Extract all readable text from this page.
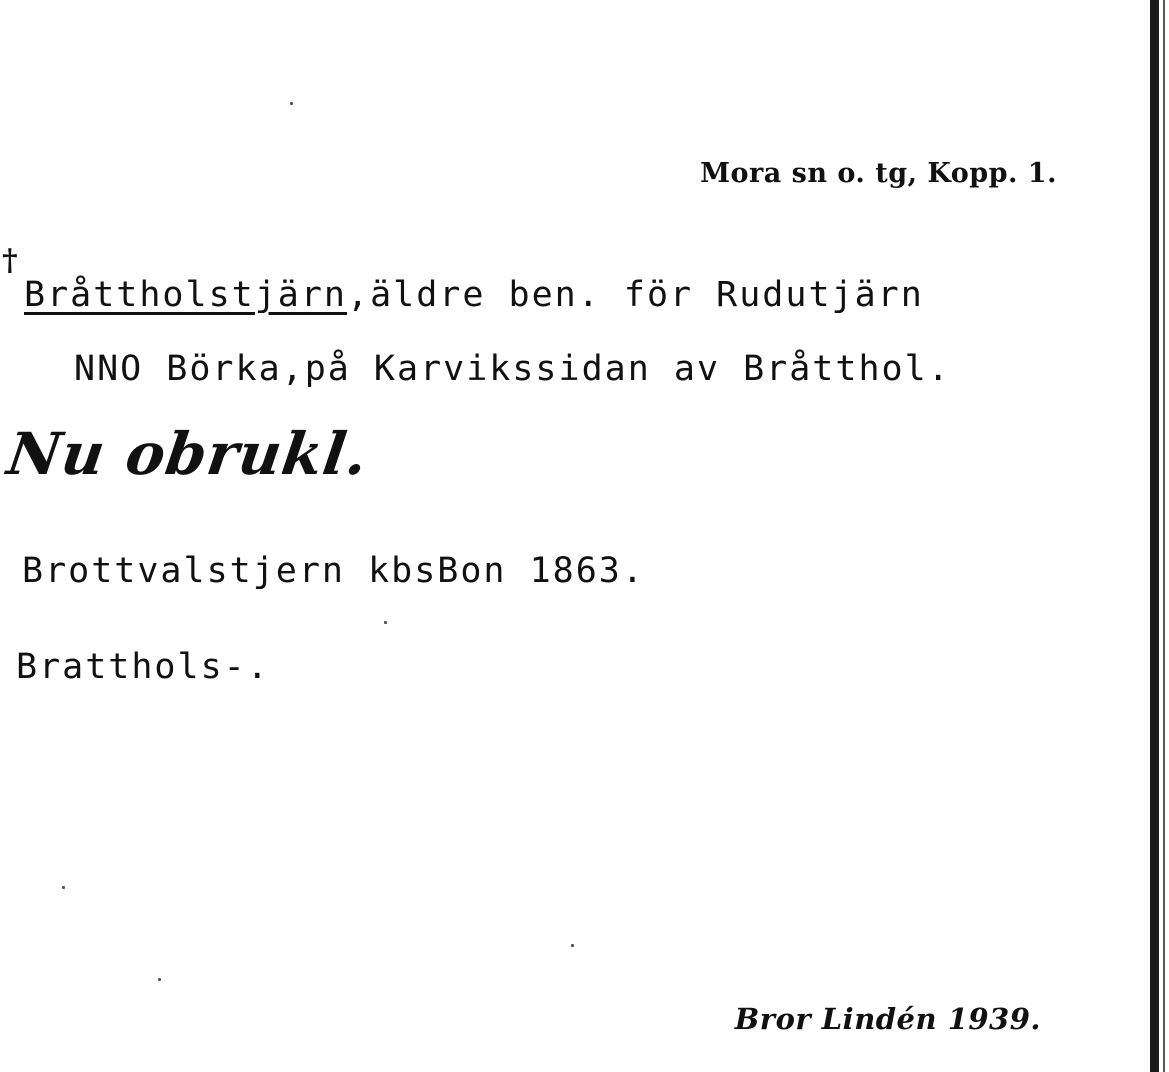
Mora sn o. tg, Kopp. 1.
†
Bråttholstjärn,äldre ben. för Rudutjärn
NNO Börka,på Karvikssidan av Bråtthol.
Nu obrukl.
Brottvalstjern kbsBon 1863.
Bratthols-.
Bror Lindén 1939.
